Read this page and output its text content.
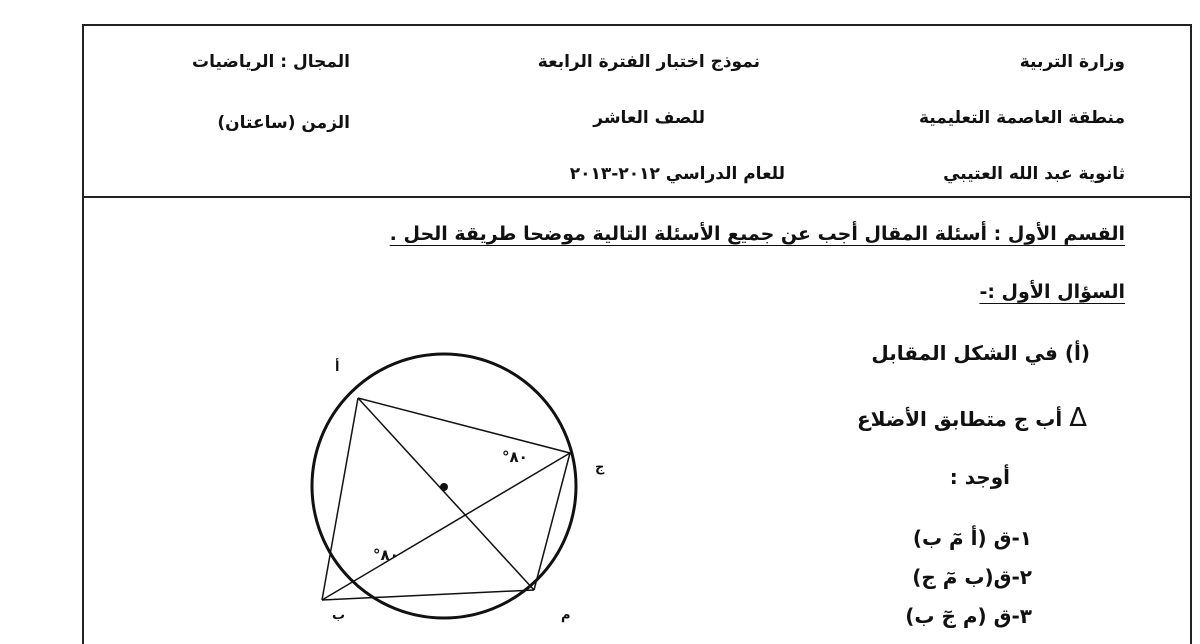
وزارة التربية
منطقة العاصمة التعليمية
ثانوية عبد الله العتيبي
نموذج اختبار الفترة الرابعة
للصف العاشر
للعام الدراسي ٢٠١٢-٢٠١٣
المجال : الرياضيات
الزمن (ساعتان)
القسم الأول : أسئلة المقال أجب عن جميع الأسئلة التالية موضحا طريقة الحل .
السؤال الأول :-
(أ) في الشكل المقابل
Δ أب ج متطابق الأضلاع
أوجد :
١-ق (أ مٓ ب)
٢-ق(ب مٓ ج)
٣-ق (م جٓ ب)
أ
ج
ب	م
٨٠°
٨٠°
